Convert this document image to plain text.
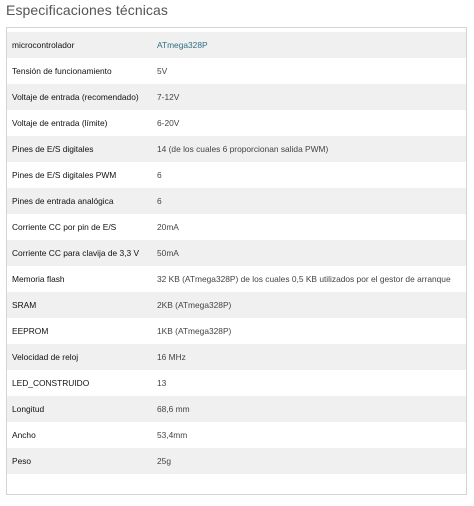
Especificaciones técnicas
microcontrolador	ATmega328P
Tensión de funcionamiento	5V
Voltaje de entrada (recomendado) 7-12V
Voltaje de entrada (límite)	6-20V
Pines de E/S digitales	14 (de los cuales 6 proporcionan salida PWM)
Pines de E/S digitales PWM	6
Pines de entrada analógica	6
Corriente CC por pin de E/S	20mA
Corriente CC para clavija de 3,3 V 50mA
Memoria flash	32 KB (ATmega328P) de los cuales 0,5 KB utilizados por el gestor de arranque
SRAM	2KB (ATmega328P)
EEPROM	1KB (ATmega328P)
Velocidad de reloj	16 MHz
LED_CONSTRUIDO	13
Longitud	68,6 mm
Ancho	53,4mm
Peso	25g
